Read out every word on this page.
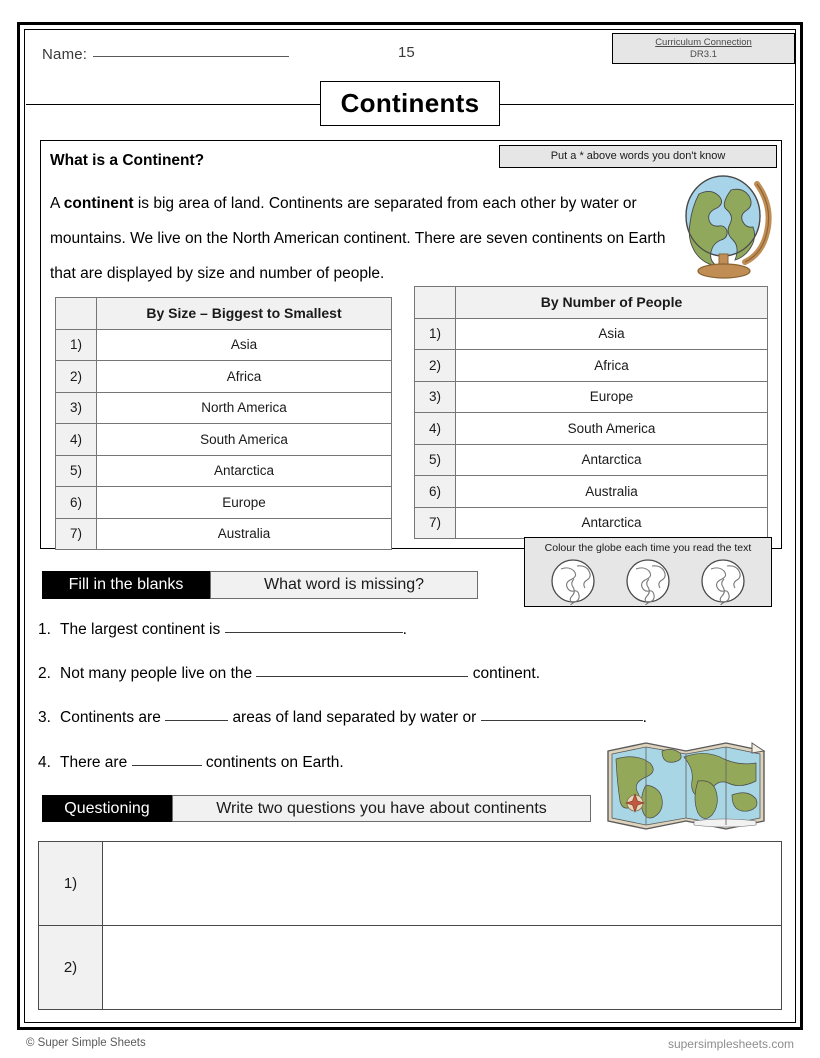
Name:	15
Curriculum Connection
DR3.1
Continents
What is a Continent?	Put a * above words you don't know
A continent is big area of land. Continents are separated from each other by water or mountains. We live on the North American continent. There are seven continents on Earth that are displayed by size and number of people.
	By Size – Biggest to Smallest
1)	Asia
2)	Africa
3)	North America
4)	South America
5)	Antarctica
6)	Europe
7)	Australia
	By Number of People
1)	Asia
2)	Africa
3)	Europe
4)	South America
5)	Antarctica
6)	Australia
7)	Antarctica
Colour the globe each time you read the text
Fill in the blanks	What word is missing?
1. The largest continent is	.
2. Not many people live on the	continent.
3. Continents are	areas of land separated by water or	.
4. There are	continents on Earth.
Questioning	Write two questions you have about continents
1)	
2)	
© Super Simple Sheets	supersimplesheets.com
